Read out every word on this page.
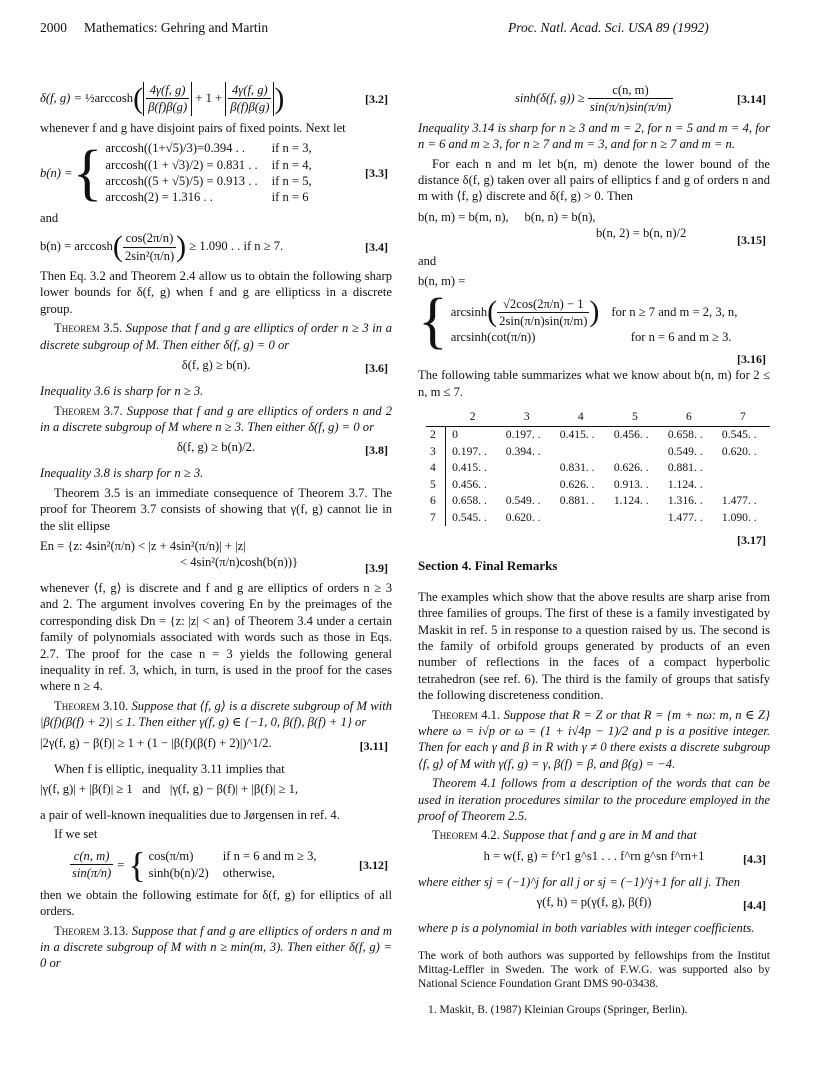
2000 Mathematics: Gehring and Martin	Proc. Natl. Acad. Sci. USA 89 (1992)
δ(f, g) = ½arccosh( $\frac{4\gamma(f, g)}{\beta(f)\beta(g)} + 1 + \frac{4\gamma(f, g)}{\beta(f)\beta(g)}$ )	[3.2]

whenever f and g have disjoint pairs of fixed points. Next let

b(n) = { arccosh((1+√5)/3)=0.394 . .	if n = 3,
arccosh((1 + √3)/2) = 0.831 . . if n = 4,
arccosh((5 + √5)/5) = 0.913 . . if n = 5,
arccosh(2) = 1.316 . .	if n = 6
[3.3]

and

$b(n) = \arccos h( \frac{\cos(2\pi/n)}{\text{2sin²(π/n)}}$ ) ≥ 1.090 . . if n ≥ 7.	[3.4]

Then Eq. 3.2 and Theorem 2.4 allow us to obtain the following sharp lower bounds for δ(f, g) when f and g are ellipticss in a discrete group.

Theorem 3.5. Suppose that f and g are elliptics of order n ≥ 3 in a discrete subgroup of M. Then either δ(f, g) = 0 or

δ(f, g) ≥ b(n).	[3.6]

Inequality 3.6 is sharp for n ≥ 3.

Theorem 3.7. Suppose that f and g are elliptics of orders n and 2 in a discrete subgroup of M where n ≥ 3. Then either δ(f, g) = 0 or

δ(f, g) ≥ b(n)/2.	[3.8]

Inequality 3.8 is sharp for n ≥ 3.

Theorem 3.5 is an immediate consequence of Theorem 3.7. The proof for Theorem 3.7 consists of showing that γ(f, g) cannot lie in the slit ellipse

En = {z: 4sin²(π/n) < |z + 4sin²(π/n)| + |z|
< 4sin²(π/n)cosh(b(n))}	[3.9]

whenever ⟨f, g⟩ is discrete and f and g are elliptics of orders n ≥ 3 and 2. The argument involves covering En by the preimages of the corresponding disk Dn = {z: |z| < an} of Theorem 3.4 under a certain family of polynomials associated with words such as those in Eqs. 2.7. The proof for the case n = 3 yields the following general inequality in ref. 3, which, in turn, is used in the proof for the cases where n ≥ 4.

Theorem 3.10. Suppose that ⟨f, g⟩ is a discrete subgroup of M with |β(f)(β(f) + 2)| ≤ 1. Then either γ(f, g) ∈ {−1, 0, β(f), β(f) + 1} or

|2γ(f, g) − β(f)| ≥ 1 + (1 − |β(f)(β(f) + 2)|)^1/2.	[3.11]

When f is elliptic, inequality 3.11 implies that

|γ(f, g)| + |β(f)| ≥ 1 and |γ(f, g) − β(f)| + |β(f)| ≥ 1,

a pair of well-known inequalities due to Jørgensen in ref. 4.

If we set

$\frac{c(n, m)}{\sin(\pi/n)}$ = { cos(π/m)	if n = 6 and m ≥ 3,
sinh(b(n)/2) otherwise,
[3.12]

then we obtain the following estimate for δ(f, g) for elliptics of all orders.

Theorem 3.13. Suppose that f and g are elliptics of orders n and m in a discrete subgroup of M with n ≥ min(m, 3). Then either δ(f, g) = 0 or

sinh(δ(f, $g)) \ge \frac{c(n, m)}{\sin(\pi/n)\sin(\pi/m)}$	[3.14]

Inequality 3.14 is sharp for n ≥ 3 and m = 2, for n = 5 and m = 4, for n = 6 and m ≥ 3, for n ≥ 7 and m = 3, and for n ≥ 7 and m = n.

For each n and m let b(n, m) denote the lower bound of the distance δ(f, g) taken over all pairs of elliptics f and g of orders n and m with ⟨f, g⟩ discrete and δ(f, g) > 0. Then

b(n, m) = b(m, n), b(n, n) = b(n),
b(n, 2) = b(n, n)/2
[3.15]

and

b(n, m) =
{ arcsinh ( $\frac{√2\cos(2\pi/n) - 1}{2\sin(\pi/n)\sin(\pi/m)}$ ) for n ≥ 7 and m = 2, 3, n,
arcsinh(cot(π/n))	for n = 6 and m ≥ 3.
[3.16]

The following table summarizes what we know about b(n, m) for 2 ≤ n, m ≤ 7.

	2	3	4	5	6	7
2	0	0.197. .	0.415. .	0.456. .	0.658. .	0.545. .
3	0.197. .	0.394. .			0.549. .	0.620. .
4	0.415. .		0.831. .	0.626. .	0.881. .	
5	0.456. .		0.626. .	0.913. .	1.124. .	
6	0.658. .	0.549. .	0.881. .	1.124. .	1.316. .	1.477. .
7	0.545. .	0.620. .			1.477. .	1.090. .
[3.17]
Section 4. Final Remarks

The examples which show that the above results are sharp arise from three families of groups. The first of these is a family investigated by Maskit in ref. 5 in response to a question raised by us. The second is the family of orbifold groups generated by products of an even number of reflections in the faces of a compact hyperbolic tetrahedron (see ref. 6). The third is the family of groups that satisfy the following discreteness condition.

Theorem 4.1. Suppose that R = Z or that R = {m + nω: m, n ∈ Z} where ω = i√p or ω = (1 + i√4p − 1)/2 and p is a positive integer. Then for each γ and β in R with γ ≠ 0 there exists a discrete subgroup ⟨f, g⟩ of M with γ(f, g) = γ, β(f) = β, and β(g) = −4.

Theorem 4.1 follows from a description of the words that can be used in iteration procedures similar to the procedure employed in the proof of Theorem 2.5.

Theorem 4.2. Suppose that f and g are in M and that

h = w(f, g) = f^r1 g^s1 . . . f^rn g^sn f^rn+1	[4.3]

where either sj = (−1)^j for all j or sj = (−1)^j+1 for all j. Then

γ(f, h) = p(γ(f, g), β(f))	[4.4]

where p is a polynomial in both variables with integer coefficients.

The work of both authors was supported by fellowships from the Institut Mittag-Leffler in Sweden. The work of F.W.G. was supported also by National Science Foundation Grant DMS 90-03438.

1. Maskit, B. (1987) Kleinian Groups (Springer, Berlin).
